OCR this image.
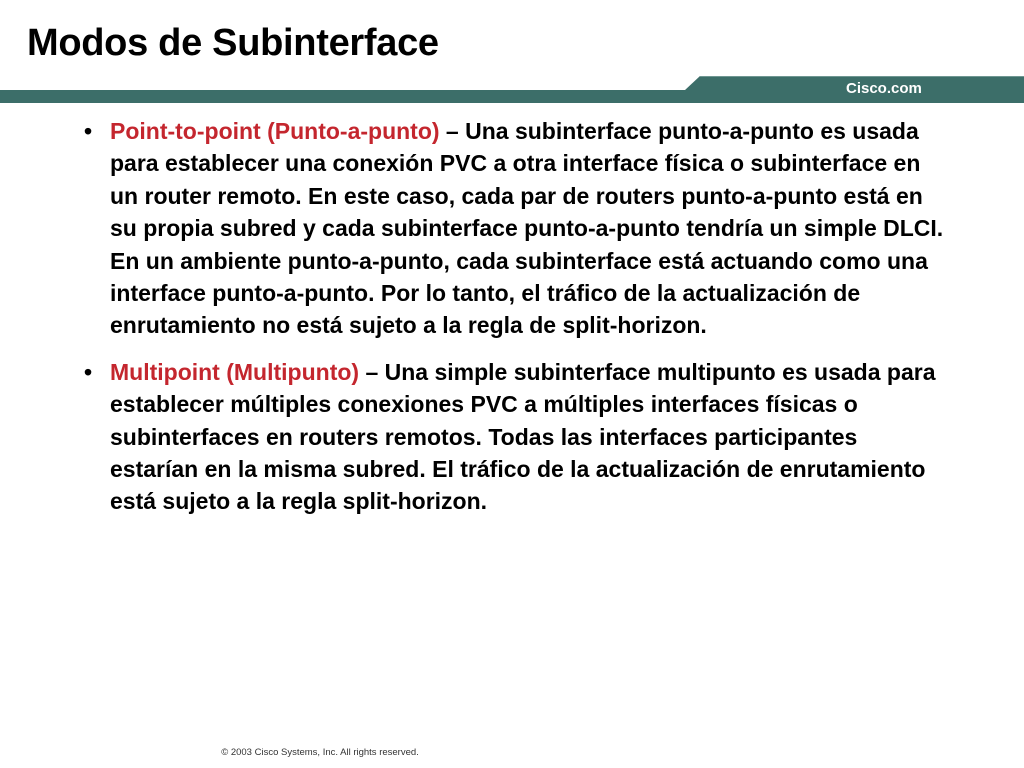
Modos de Subinterface
Cisco.com
• Point-to-point (Punto-a-punto) – Una subinterface punto-a-punto es usada para establecer una conexión PVC a otra interface física o subinterface en un router remoto. En este caso, cada par de routers punto-a-punto está en su propia subred y cada subinterface punto-a-punto tendría un simple DLCI. En un ambiente punto-a-punto, cada subinterface está actuando como una interface punto-a-punto. Por lo tanto, el tráfico de la actualización de enrutamiento no está sujeto a la regla de split-horizon.
• Multipoint (Multipunto) – Una simple subinterface multipunto es usada para establecer múltiples conexiones PVC a múltiples interfaces físicas o subinterfaces en routers remotos. Todas las interfaces participantes estarían en la misma subred. El tráfico de la actualización de enrutamiento está sujeto a la regla split-horizon.
© 2003 Cisco Systems, Inc. All rights reserved.
